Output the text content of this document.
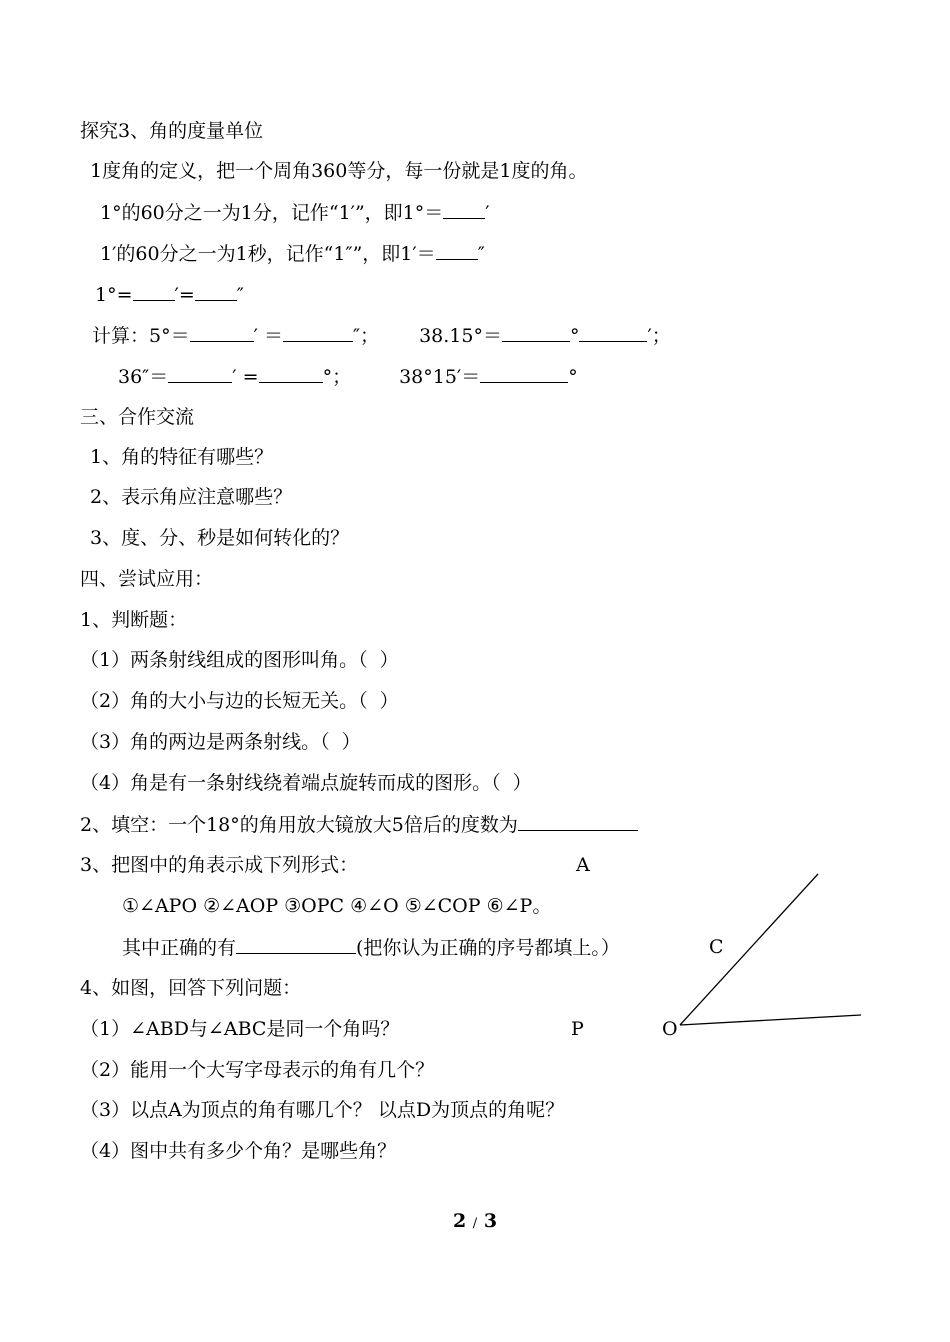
探究3、角的度量单位
1度角的定义，把一个周角360等分，每一份就是1度的角。
1°的60分之一为1分，记作“1′”，即1°＝ ′
1′的60分之一为1秒，记作“1″”，即1′＝ ″
1°= ′= ″
计算：5°＝	′ ＝	″； 38.15°＝	°	′；
36″＝	′ =	°；	38°15′＝	°
三、合作交流
1、角的特征有哪些？
2、表示角应注意哪些？
3、度、分、秒是如何转化的？
四、尝试应用：
1、判断题：
（1）两条射线组成的图形叫角。（  ）
（2）角的大小与边的长短无关。（  ）
（3）角的两边是两条射线。（  ）
（4）角是有一条射线绕着端点旋转而成的图形。（  ）
2、填空：一个18°的角用放大镜放大5倍后的度数为
3、把图中的角表示成下列形式：
①∠APO ②∠AOP ③OPC ④∠O ⑤∠COP ⑥∠P。
其中正确的有	(把你认为正确的序号都填上。）
4、如图，回答下列问题：
（1）∠ABD与∠ABC是同一个角吗？
（2）能用一个大写字母表示的角有几个？
（3）以点A为顶点的角有哪几个？ 以点D为顶点的角呢？
（4）图中共有多少个角？是哪些角？
A
C
P	O
2 / 3
